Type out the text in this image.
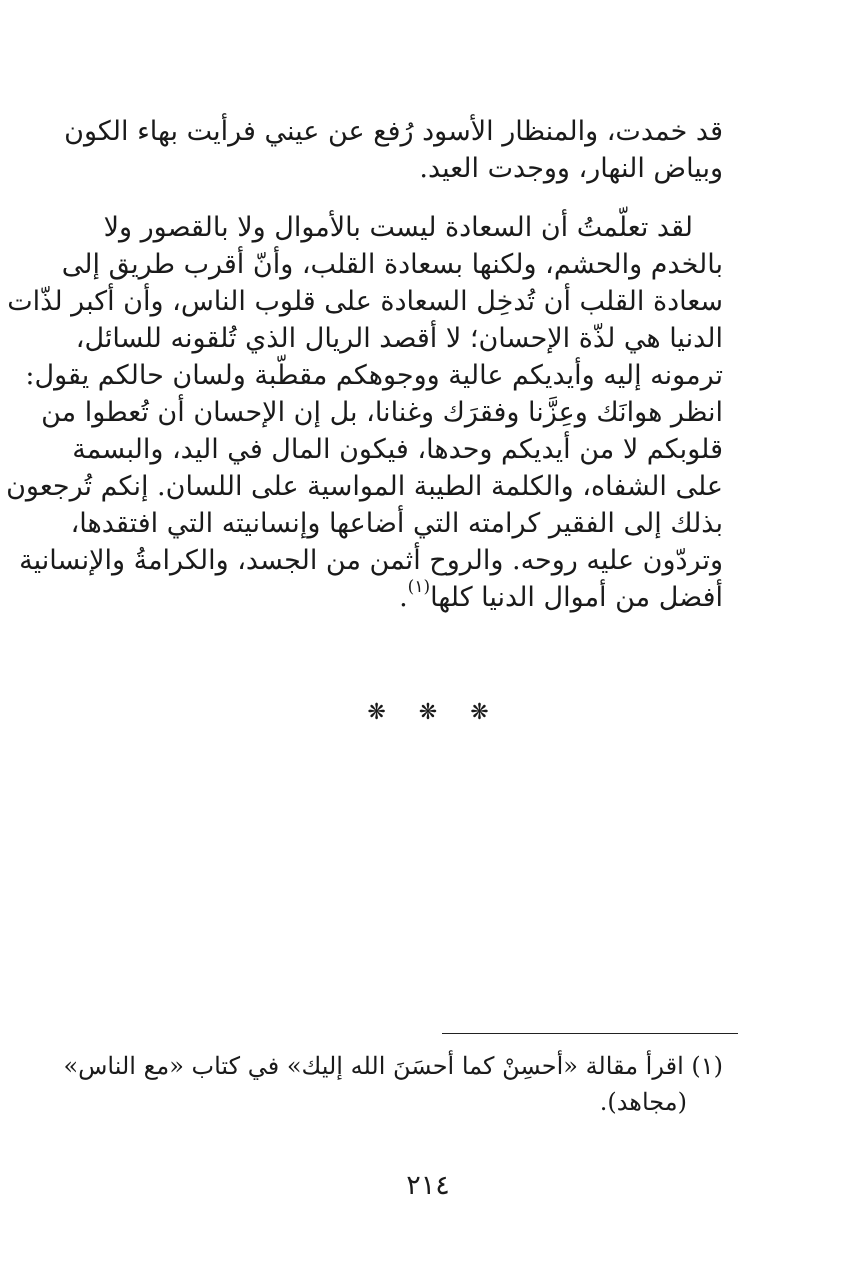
قد خمدت، والمنظار الأسود رُفع عن عيني فرأيت بهاء الكون
وبياض النهار، ووجدت العيد.
لقد تعلّمتُ أن السعادة ليست بالأموال ولا بالقصور ولا
بالخدم والحشم، ولكنها بسعادة القلب، وأنّ أقرب طريق إلى
سعادة القلب أن تُدخِل السعادة على قلوب الناس، وأن أكبر لذّات
الدنيا هي لذّة الإحسان؛ لا أقصد الريال الذي تُلقونه للسائل،
ترمونه إليه وأيديكم عالية ووجوهكم مقطّبة ولسان حالكم يقول:
انظر هوانَك وعِزَّنا وفقرَك وغنانا، بل إن الإحسان أن تُعطوا من
قلوبكم لا من أيديكم وحدها، فيكون المال في اليد، والبسمة
على الشفاه، والكلمة الطيبة المواسية على اللسان. إنكم تُرجعون
بذلك إلى الفقير كرامته التي أضاعها وإنسانيته التي افتقدها،
وتردّون عليه روحه. والروح أثمن من الجسد، والكرامةُ والإنسانية
أفضل من أموال الدنيا كلها$^{(١)}$.
❋ ❋ ❋
(١) اقرأ مقالة «أحسِنْ كما أحسَنَ الله إليك» في كتاب «مع الناس»
(مجاهد).
٢١٤
